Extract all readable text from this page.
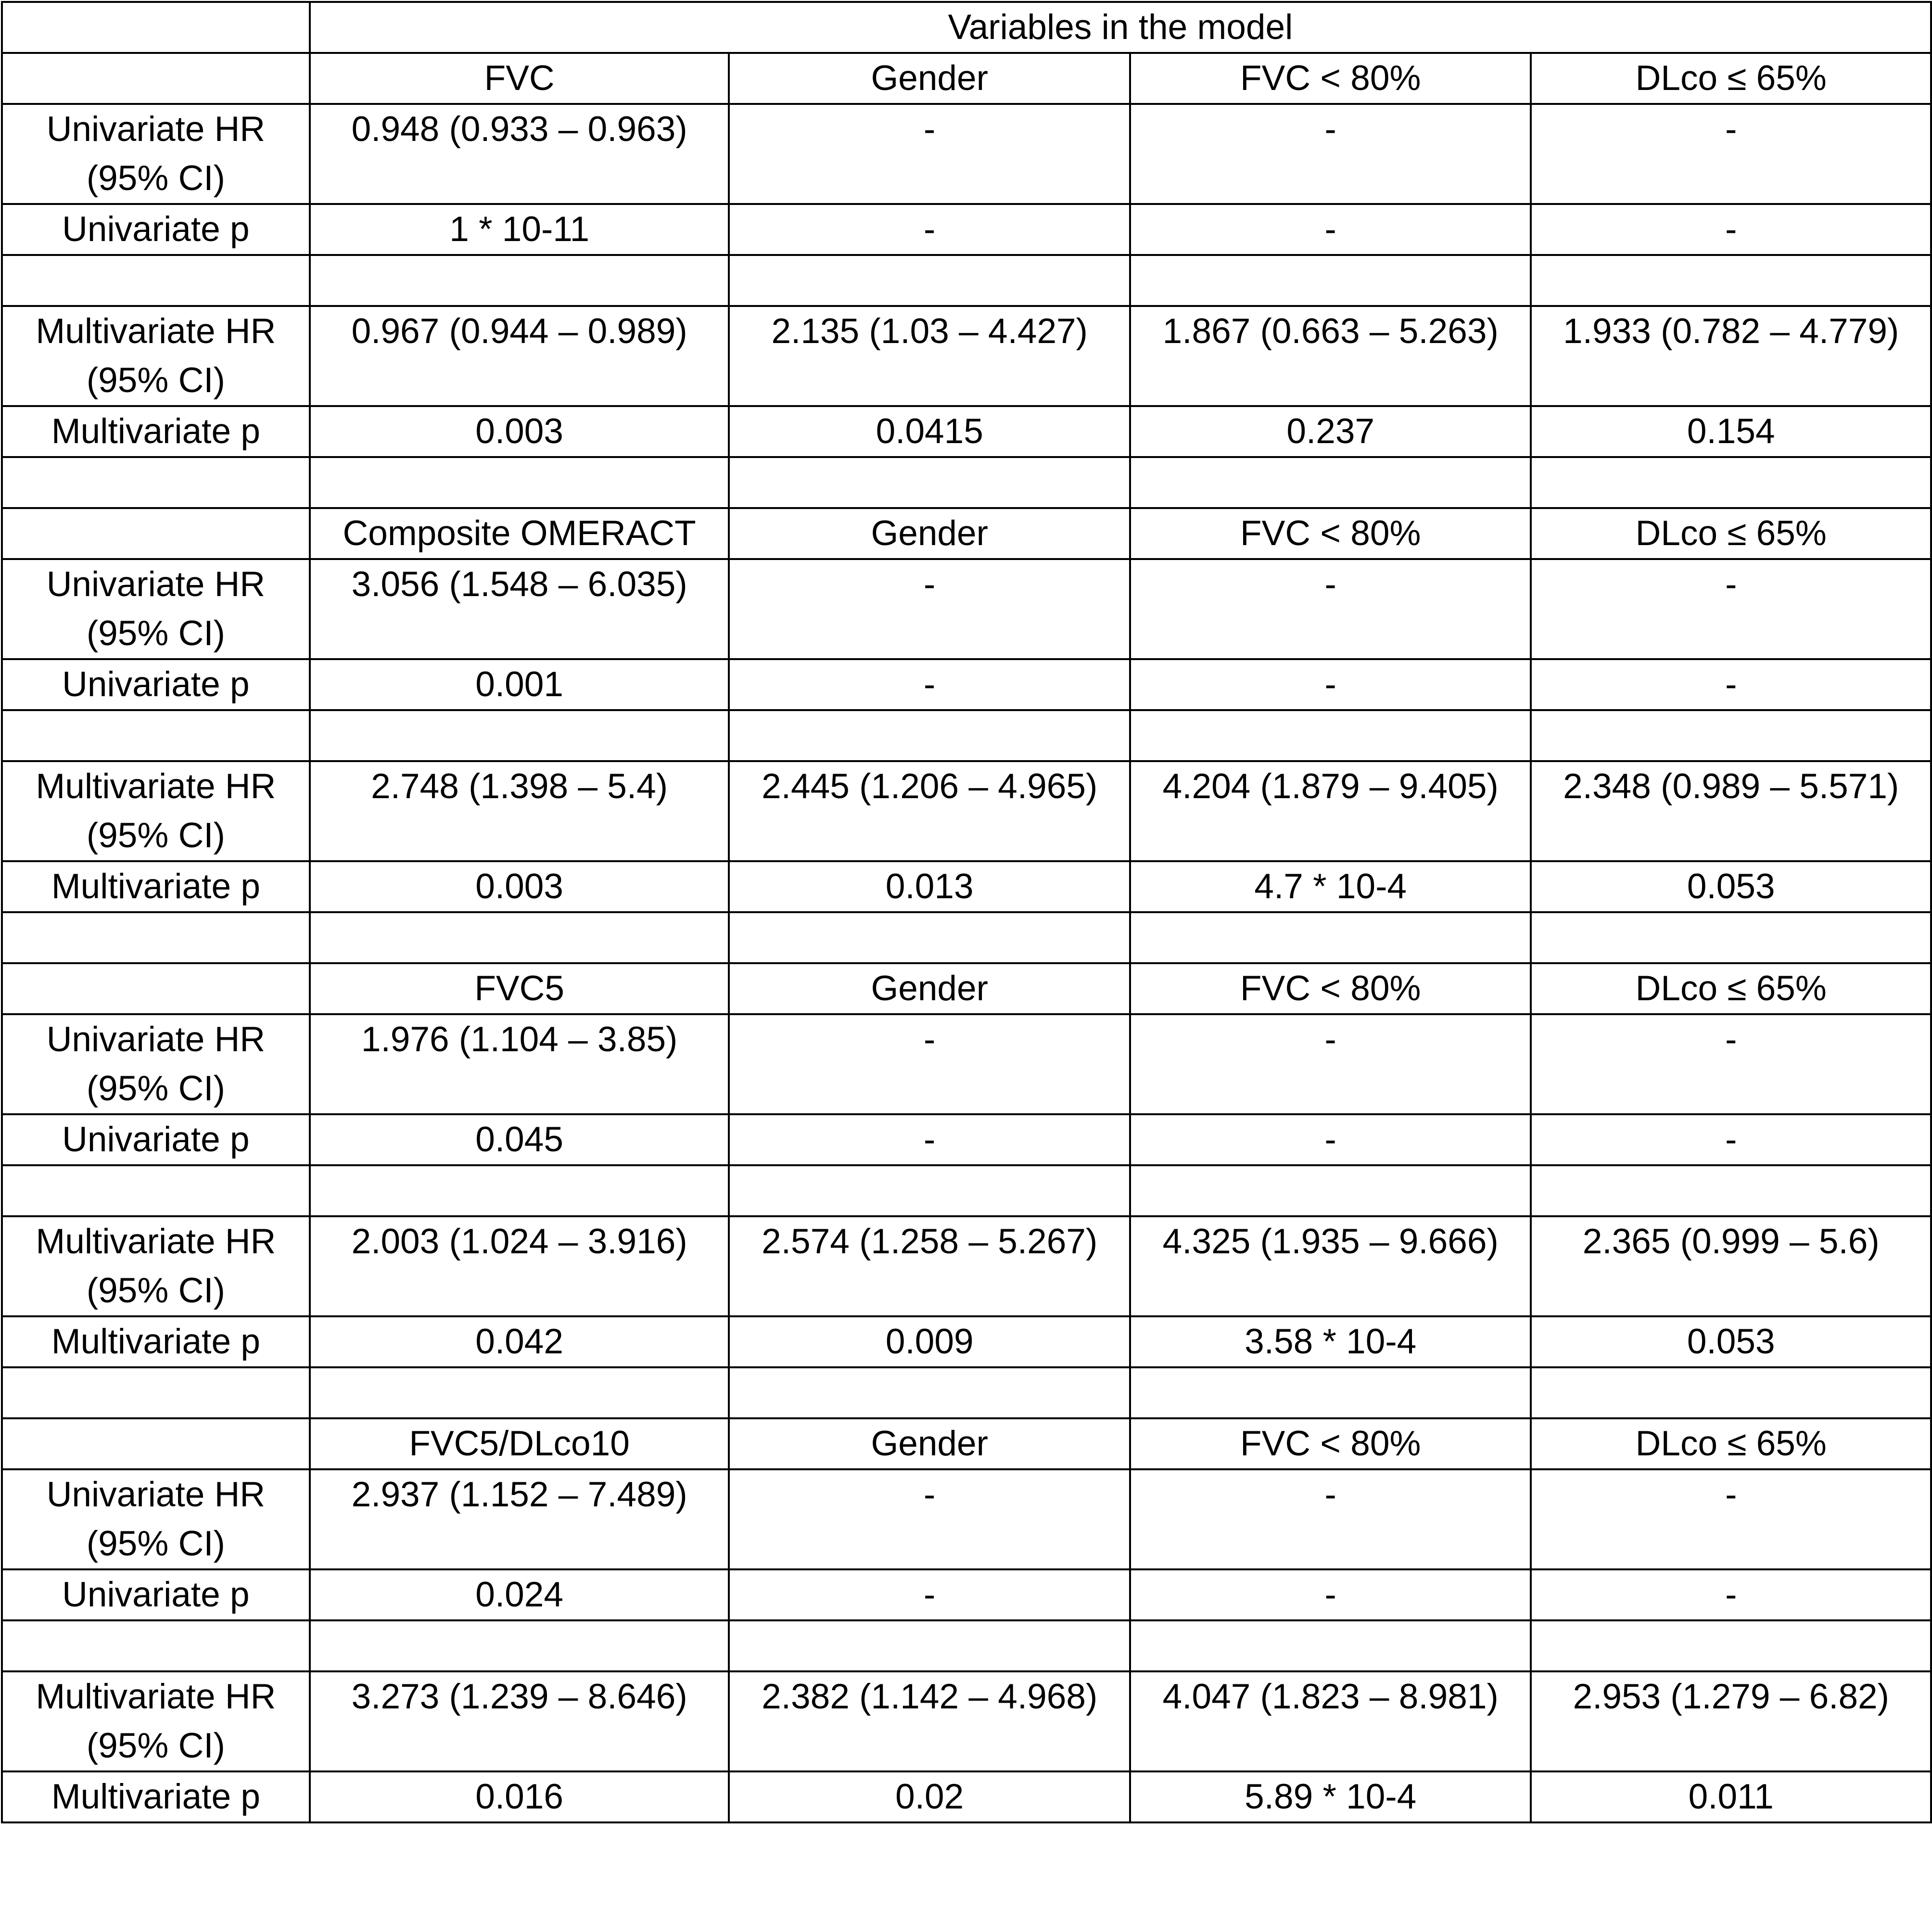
	Variables in the model			
	FVC	Gender	FVC < 80%	DLco ≤ 65%
Univariate HR (95% CI)	0.948 (0.933 – 0.963)	-	-	-
Univariate p	1 * 10-11	-	-	-

Multivariate HR (95% CI)	0.967 (0.944 – 0.989)	2.135 (1.03 – 4.427)	1.867 (0.663 – 5.263)	1.933 (0.782 – 4.779)
Multivariate p	0.003	0.0415	0.237	0.154

	Composite OMERACT	Gender	FVC < 80%	DLco ≤ 65%
Univariate HR (95% CI)	3.056 (1.548 – 6.035)	-	-	-
Univariate p	0.001	-	-	-

Multivariate HR (95% CI)	2.748 (1.398 – 5.4)	2.445 (1.206 – 4.965)	4.204 (1.879 – 9.405)	2.348 (0.989 – 5.571)
Multivariate p	0.003	0.013	4.7 * 10-4	0.053

	FVC5	Gender	FVC < 80%	DLco ≤ 65%
Univariate HR (95% CI)	1.976 (1.104 – 3.85)	-	-	-
Univariate p	0.045	-	-	-

Multivariate HR (95% CI)	2.003 (1.024 – 3.916)	2.574 (1.258 – 5.267)	4.325 (1.935 – 9.666)	2.365 (0.999 – 5.6)
Multivariate p	0.042	0.009	3.58 * 10-4	0.053

	FVC5/DLco10	Gender	FVC < 80%	DLco ≤ 65%
Univariate HR (95% CI)	2.937 (1.152 – 7.489)	-	-	-
Univariate p	0.024	-	-	-

Multivariate HR (95% CI)	3.273 (1.239 – 8.646)	2.382 (1.142 – 4.968)	4.047 (1.823 – 8.981)	2.953 (1.279 – 6.82)
Multivariate p	0.016	0.02	5.89 * 10-4	0.011
